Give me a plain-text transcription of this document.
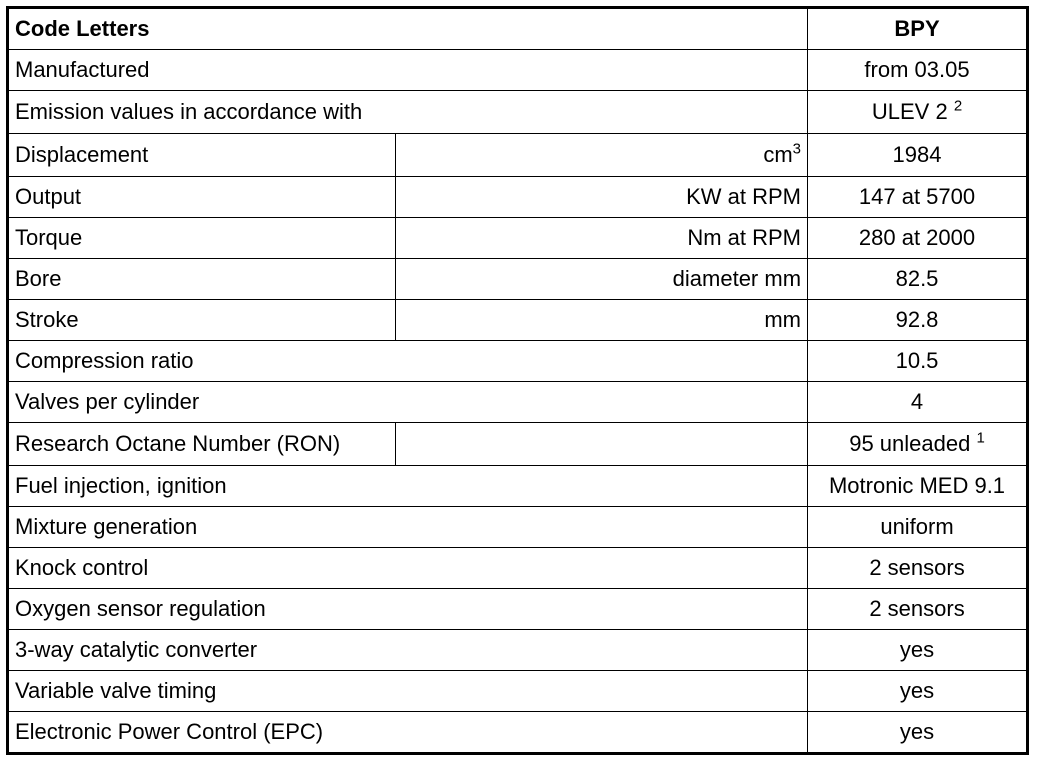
Code Letters		BPY
Manufactured		from 03.05
Emission values in accordance with		ULEV 2 $^2$
Displacement	$cm^3$	1984
Output	KW at RPM	147 at 5700
Torque	Nm at RPM	280 at 2000
Bore	diameter mm	82.5
Stroke	mm	92.8
Compression ratio		10.5
Valves per cylinder		4
Research Octane Number (RON)		95 unleaded $^1$
Fuel injection, ignition		Motronic MED 9.1
Mixture generation		uniform
Knock control		2 sensors
Oxygen sensor regulation		2 sensors
3-way catalytic converter		yes
Variable valve timing		yes
Electronic Power Control (EPC)		yes
